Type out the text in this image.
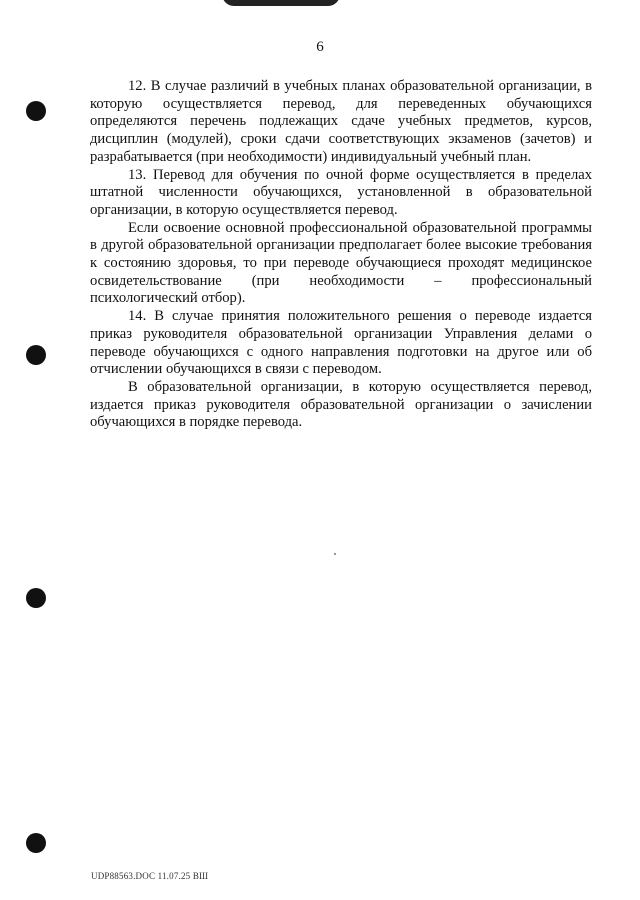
6

12. В случае различий в учебных планах образовательной организации, в которую осуществляется перевод, для переведенных обучающихся определяются перечень подлежащих сдаче учебных предметов, курсов, дисциплин (модулей), сроки сдачи соответствующих экзаменов (зачетов) и разрабатывается (при необходимости) индивидуальный учебный план.

13. Перевод для обучения по очной форме осуществляется в пределах штатной численности обучающихся, установленной в образовательной организации, в которую осуществляется перевод.

Если освоение основной профессиональной образовательной программы в другой образовательной организации предполагает более высокие требования к состоянию здоровья, то при переводе обучающиеся проходят медицинское освидетельствование (при необходимости – профессиональный психологический отбор).

14. В случае принятия положительного решения о переводе издается приказ руководителя образовательной организации Управления делами о переводе обучающихся с одного направления подготовки на другое или об отчислении обучающихся в связи с переводом.

В образовательной организации, в которую осуществляется перевод, издается приказ руководителя образовательной организации о зачислении обучающихся в порядке перевода.

UDP88563.DOC 11.07.25 ВШ
